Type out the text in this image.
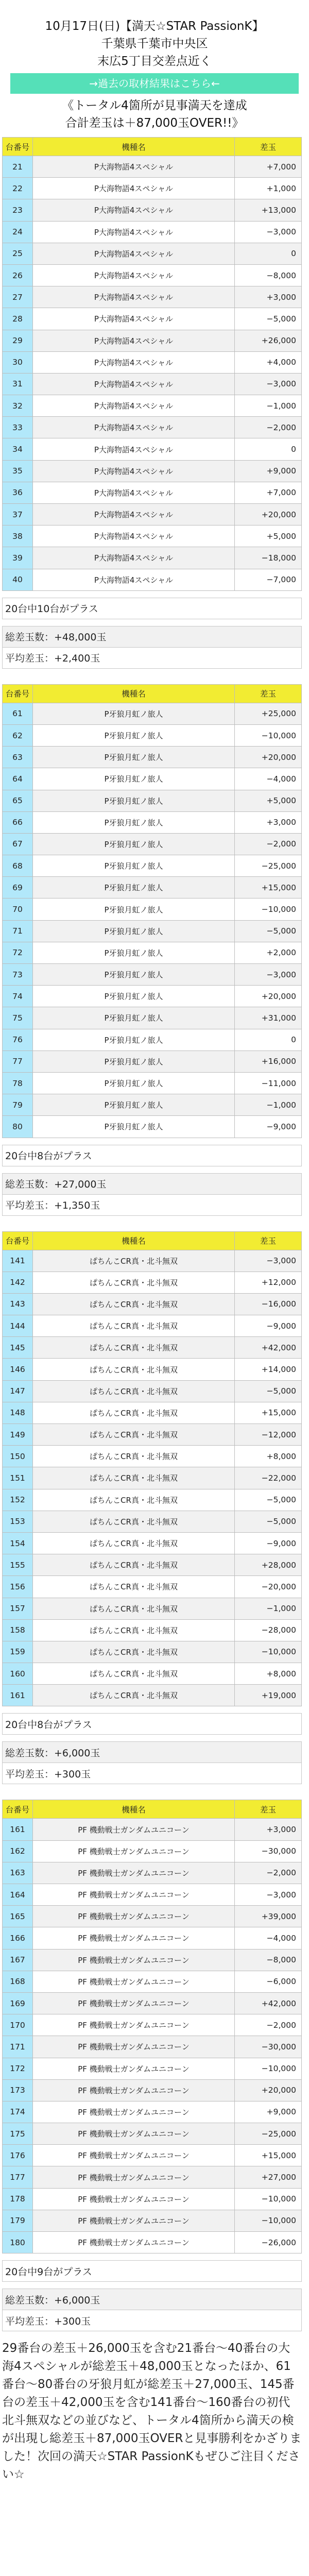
10月17日(日)【満天☆STAR PassionK】
千葉県千葉市中央区
末広5丁目交差点近く
→過去の取材結果はこちら←
《トータル4箇所が見事満天を達成
合計差玉は＋87,000玉OVER!!》
台番号	機種名	差玉
21	P大海物語4スペシャル	+7,000
22	P大海物語4スペシャル	+1,000
23	P大海物語4スペシャル	+13,000
24	P大海物語4スペシャル	−3,000
25	P大海物語4スペシャル	0
26	P大海物語4スペシャル	−8,000
27	P大海物語4スペシャル	+3,000
28	P大海物語4スペシャル	−5,000
29	P大海物語4スペシャル	+26,000
30	P大海物語4スペシャル	+4,000
31	P大海物語4スペシャル	−3,000
32	P大海物語4スペシャル	−1,000
33	P大海物語4スペシャル	−2,000
34	P大海物語4スペシャル	0
35	P大海物語4スペシャル	+9,000
36	P大海物語4スペシャル	+7,000
37	P大海物語4スペシャル	+20,000
38	P大海物語4スペシャル	+5,000
39	P大海物語4スペシャル	−18,000
40	P大海物語4スペシャル	−7,000
20台中10台がプラス
総差玉数：+48,000玉
平均差玉：+2,400玉
台番号	機種名	差玉
61	P牙狼月虹ノ旅人	+25,000
62	P牙狼月虹ノ旅人	−10,000
63	P牙狼月虹ノ旅人	+20,000
64	P牙狼月虹ノ旅人	−4,000
65	P牙狼月虹ノ旅人	+5,000
66	P牙狼月虹ノ旅人	+3,000
67	P牙狼月虹ノ旅人	−2,000
68	P牙狼月虹ノ旅人	−25,000
69	P牙狼月虹ノ旅人	+15,000
70	P牙狼月虹ノ旅人	−10,000
71	P牙狼月虹ノ旅人	−5,000
72	P牙狼月虹ノ旅人	+2,000
73	P牙狼月虹ノ旅人	−3,000
74	P牙狼月虹ノ旅人	+20,000
75	P牙狼月虹ノ旅人	+31,000
76	P牙狼月虹ノ旅人	0
77	P牙狼月虹ノ旅人	+16,000
78	P牙狼月虹ノ旅人	−11,000
79	P牙狼月虹ノ旅人	−1,000
80	P牙狼月虹ノ旅人	−9,000
20台中8台がプラス
総差玉数：+27,000玉
平均差玉：+1,350玉
台番号	機種名	差玉
141	ぱちんこCR真・北斗無双	−3,000
142	ぱちんこCR真・北斗無双	+12,000
143	ぱちんこCR真・北斗無双	−16,000
144	ぱちんこCR真・北斗無双	−9,000
145	ぱちんこCR真・北斗無双	+42,000
146	ぱちんこCR真・北斗無双	+14,000
147	ぱちんこCR真・北斗無双	−5,000
148	ぱちんこCR真・北斗無双	+15,000
149	ぱちんこCR真・北斗無双	−12,000
150	ぱちんこCR真・北斗無双	+8,000
151	ぱちんこCR真・北斗無双	−22,000
152	ぱちんこCR真・北斗無双	−5,000
153	ぱちんこCR真・北斗無双	−5,000
154	ぱちんこCR真・北斗無双	−9,000
155	ぱちんこCR真・北斗無双	+28,000
156	ぱちんこCR真・北斗無双	−20,000
157	ぱちんこCR真・北斗無双	−1,000
158	ぱちんこCR真・北斗無双	−28,000
159	ぱちんこCR真・北斗無双	−10,000
160	ぱちんこCR真・北斗無双	+8,000
161	ぱちんこCR真・北斗無双	+19,000
20台中8台がプラス
総差玉数：+6,000玉
平均差玉：+300玉
台番号	機種名	差玉
161	PF 機動戦士ガンダムユニコーン	+3,000
162	PF 機動戦士ガンダムユニコーン	−30,000
163	PF 機動戦士ガンダムユニコーン	−2,000
164	PF 機動戦士ガンダムユニコーン	−3,000
165	PF 機動戦士ガンダムユニコーン	+39,000
166	PF 機動戦士ガンダムユニコーン	−4,000
167	PF 機動戦士ガンダムユニコーン	−8,000
168	PF 機動戦士ガンダムユニコーン	−6,000
169	PF 機動戦士ガンダムユニコーン	+42,000
170	PF 機動戦士ガンダムユニコーン	−2,000
171	PF 機動戦士ガンダムユニコーン	−30,000
172	PF 機動戦士ガンダムユニコーン	−10,000
173	PF 機動戦士ガンダムユニコーン	+20,000
174	PF 機動戦士ガンダムユニコーン	+9,000
175	PF 機動戦士ガンダムユニコーン	−25,000
176	PF 機動戦士ガンダムユニコーン	+15,000
177	PF 機動戦士ガンダムユニコーン	+27,000
178	PF 機動戦士ガンダムユニコーン	−10,000
179	PF 機動戦士ガンダムユニコーン	−10,000
180	PF 機動戦士ガンダムユニコーン	−26,000
20台中9台がプラス
総差玉数：+6,000玉
平均差玉：+300玉
29番台の差玉＋26,000玉を含む21番台〜40番台の大海4スペシャルが総差玉＋48,000玉となったほか、61番台〜80番台の牙狼月虹が総差玉＋27,000玉、145番台の差玉＋42,000玉を含む141番台〜160番台の初代北斗無双などの並びなど、トータル4箇所から満天の検が出現し総差玉＋87,000玉OVERと見事勝利をかざりました！次回の満天☆STAR PassionKもぜひご注目ください☆
